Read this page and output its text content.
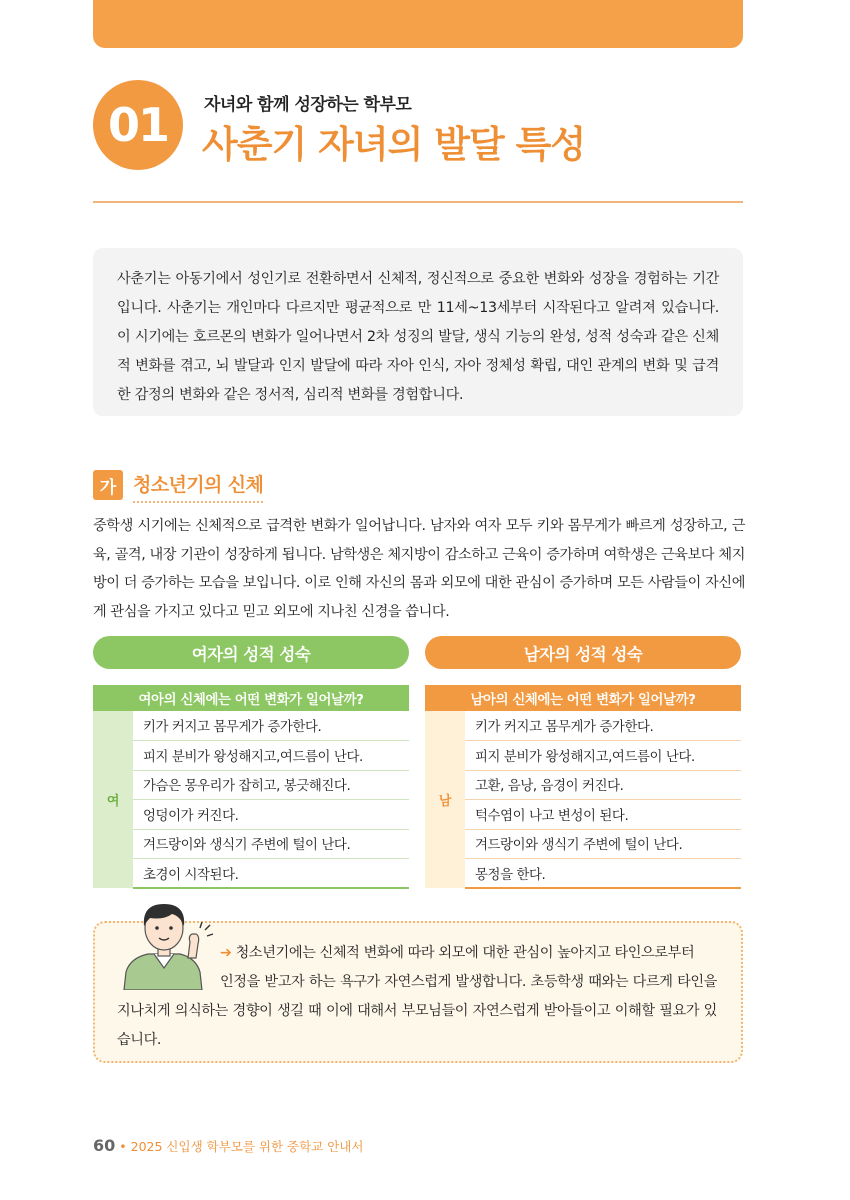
01	자녀와 함께 성장하는 학부모
사춘기 자녀의 발달 특성

사춘기는 아동기에서 성인기로 전환하면서 신체적, 정신적으로 중요한 변화와 성장을 경험하는 기간입니다. 사춘기는 개인마다 다르지만 평균적으로 만 11세~13세부터 시작된다고 알려져 있습니다. 이 시기에는 호르몬의 변화가 일어나면서 2차 성징의 발달, 생식 기능의 완성, 성적 성숙과 같은 신체적 변화를 겪고, 뇌 발달과 인지 발달에 따라 자아 인식, 자아 정체성 확립, 대인 관계의 변화 및 급격한 감정의 변화와 같은 정서적, 심리적 변화를 경험합니다.

가 청소년기의 신체
중학생 시기에는 신체적으로 급격한 변화가 일어납니다. 남자와 여자 모두 키와 몸무게가 빠르게 성장하고, 근육, 골격, 내장 기관이 성장하게 됩니다. 남학생은 체지방이 감소하고 근육이 증가하며 여학생은 근육보다 체지방이 더 증가하는 모습을 보입니다. 이로 인해 자신의 몸과 외모에 대한 관심이 증가하며 모든 사람들이 자신에게 관심을 가지고 있다고 믿고 외모에 지나친 신경을 씁니다.
여자의 성적 성숙	남자의 성적 성숙
여아의 신체에는 어떤 변화가 일어날까?
여	키가 커지고 몸무게가 증가한다.
피지 분비가 왕성해지고,여드름이 난다.
가슴은 몽우리가 잡히고, 봉긋해진다.
엉덩이가 커진다.
겨드랑이와 생식기 주변에 털이 난다.
초경이 시작된다.
남아의 신체에는 어떤 변화가 일어날까?
남	키가 커지고 몸무게가 증가한다.
피지 분비가 왕성해지고,여드름이 난다.
고환, 음낭, 음경이 커진다.
턱수염이 나고 변성이 된다.
겨드랑이와 생식기 주변에 털이 난다.
몽정을 한다.
➔ 청소년기에는 신체적 변화에 따라 외모에 대한 관심이 높아지고 타인으로부터
인정을 받고자 하는 욕구가 자연스럽게 발생합니다. 초등학생 때와는 다르게 타인을 지나치게 의식하는 경향이 생길 때 이에 대해서 부모님들이 자연스럽게 받아들이고 이해할 필요가 있습니다.
60 • 2025 신입생 학부모를 위한 중학교 안내서
